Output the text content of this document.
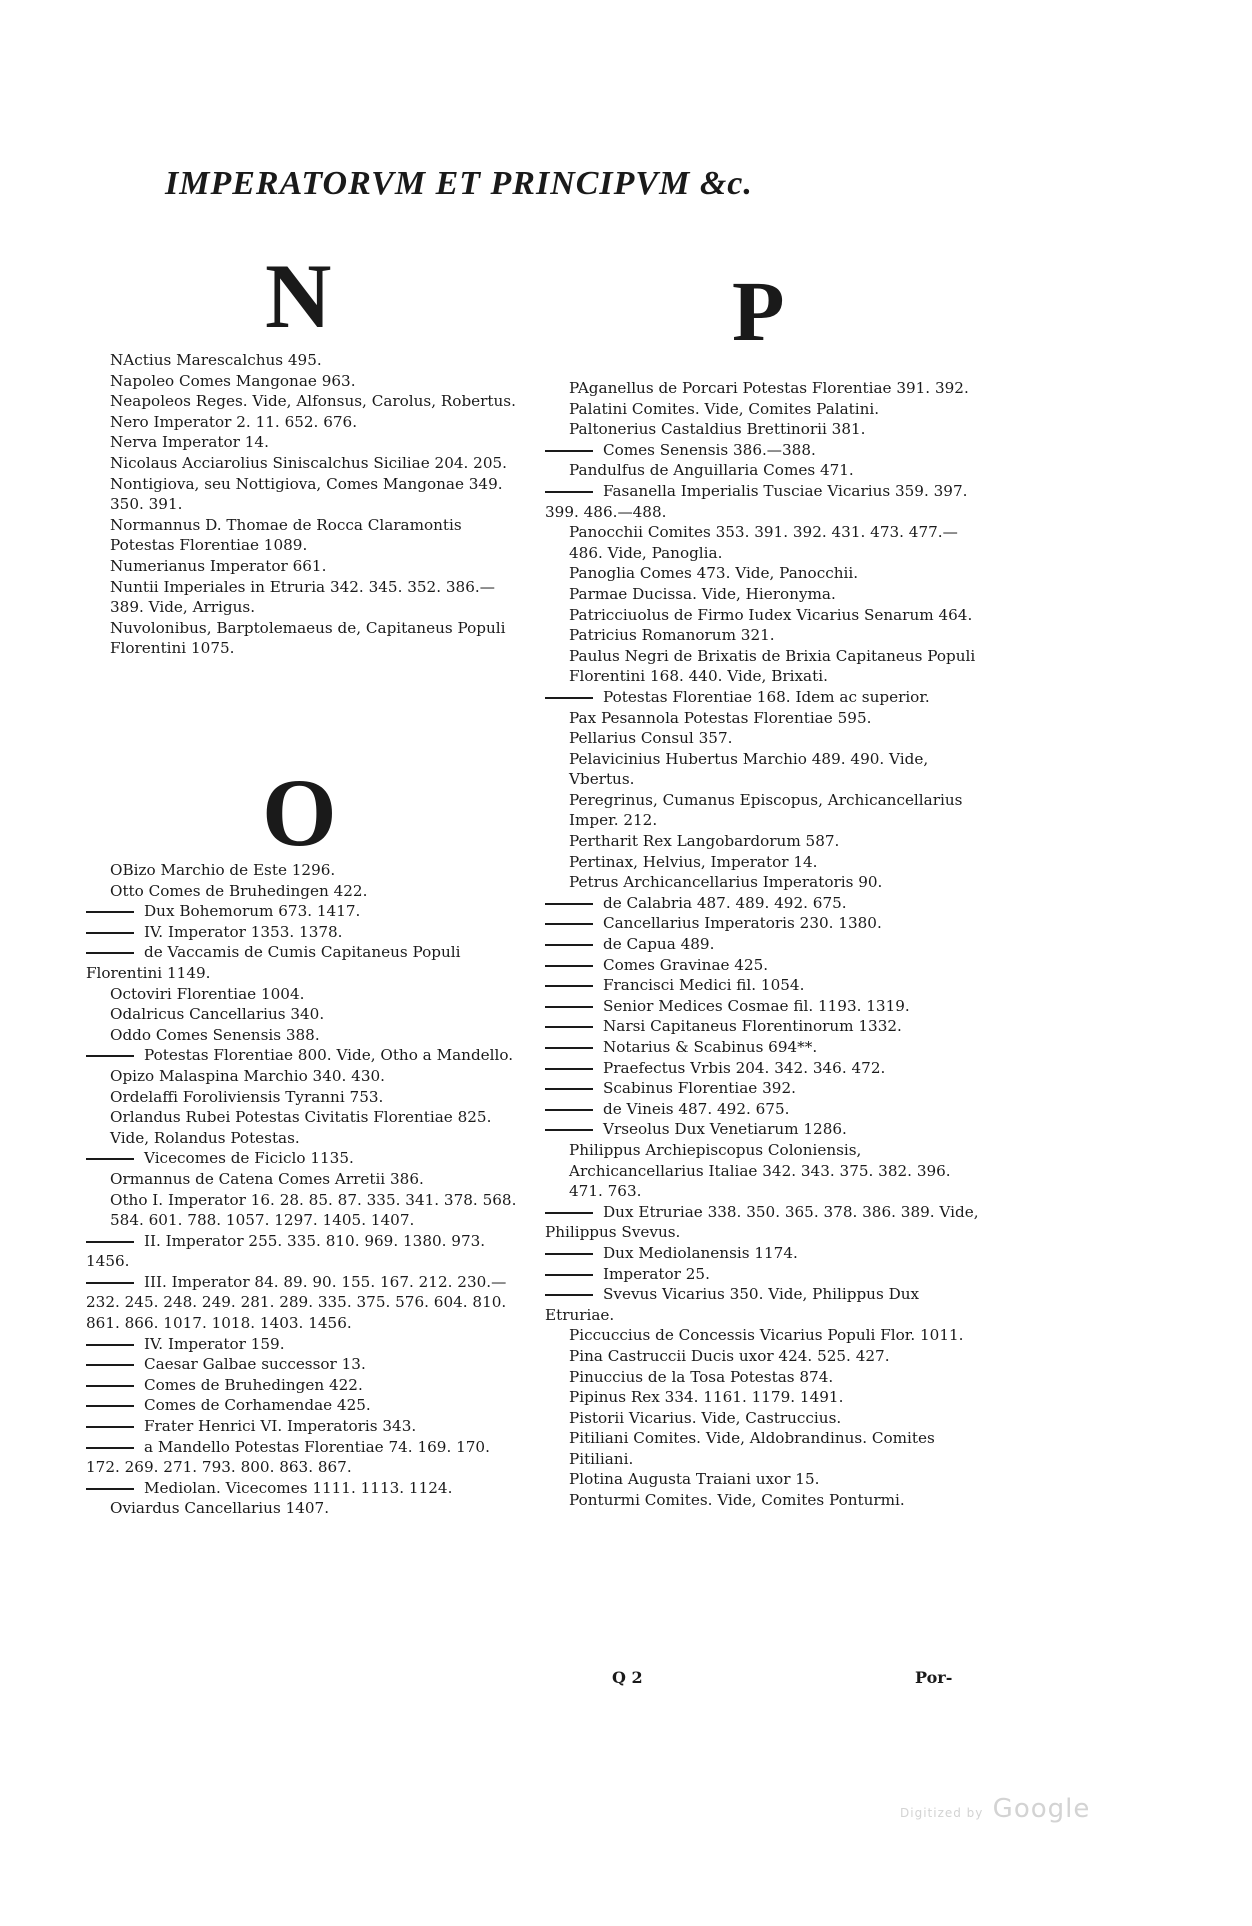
IMPERATORVM ET PRINCIPVM &c.
N	P
O
NActius Marescalchus 495.
Napoleo Comes Mangonae 963.
Neapoleos Reges. Vide, Alfonsus, Carolus, Robertus.
Nero Imperator 2. 11. 652. 676.
Nerva Imperator 14.
Nicolaus Acciarolius Siniscalchus Siciliae 204. 205.
Nontigiova, seu Nottigiova, Comes Mangonae 349. 350. 391.
Normannus D. Thomae de Rocca Claramontis Potestas Florentiae 1089.
Numerianus Imperator 661.
Nuntii Imperiales in Etruria 342. 345. 352. 386.—389. Vide, Arrigus.
Nuvolonibus, Barptolemaeus de, Capitaneus Populi Florentini 1075.
OBizo Marchio de Este 1296.
Otto Comes de Bruhedingen 422.
Dux Bohemorum 673. 1417.
IV. Imperator 1353. 1378.
de Vaccamis de Cumis Capitaneus Populi Florentini 1149.
Octoviri Florentiae 1004.
Odalricus Cancellarius 340.
Oddo Comes Senensis 388.
Potestas Florentiae 800. Vide, Otho a Mandello.
Opizo Malaspina Marchio 340. 430.
Ordelaffi Foroliviensis Tyranni 753.
Orlandus Rubei Potestas Civitatis Florentiae 825. Vide, Rolandus Potestas.
Vicecomes de Ficiclo 1135.
Ormannus de Catena Comes Arretii 386.
Otho I. Imperator 16. 28. 85. 87. 335. 341. 378. 568. 584. 601. 788. 1057. 1297. 1405. 1407.
II. Imperator 255. 335. 810. 969. 1380. 973. 1456.
III. Imperator 84. 89. 90. 155. 167. 212. 230.—232. 245. 248. 249. 281. 289. 335. 375. 576. 604. 810. 861. 866. 1017. 1018. 1403. 1456.
IV. Imperator 159.
Caesar Galbae successor 13.
Comes de Bruhedingen 422.
Comes de Corhamendae 425.
Frater Henrici VI. Imperatoris 343.
a Mandello Potestas Florentiae 74. 169. 170. 172. 269. 271. 793. 800. 863. 867.
Mediolan. Vicecomes 1111. 1113. 1124.
Oviardus Cancellarius 1407.
PAganellus de Porcari Potestas Florentiae 391. 392.
Palatini Comites. Vide, Comites Palatini.
Paltonerius Castaldius Brettinorii 381.
Comes Senensis 386.—388.
Pandulfus de Anguillaria Comes 471.
Fasanella Imperialis Tusciae Vicarius 359. 397. 399. 486.—488.
Panocchii Comites 353. 391. 392. 431. 473. 477.—486. Vide, Panoglia.
Panoglia Comes 473. Vide, Panocchii.
Parmae Ducissa. Vide, Hieronyma.
Patricciuolus de Firmo Iudex Vicarius Senarum 464.
Patricius Romanorum 321.
Paulus Negri de Brixatis de Brixia Capitaneus Populi Florentini 168. 440. Vide, Brixati.
Potestas Florentiae 168. Idem ac superior.
Pax Pesannola Potestas Florentiae 595.
Pellarius Consul 357.
Pelavicinius Hubertus Marchio 489. 490. Vide, Vbertus.
Peregrinus, Cumanus Episcopus, Archicancellarius Imper. 212.
Pertharit Rex Langobardorum 587.
Pertinax, Helvius, Imperator 14.
Petrus Archicancellarius Imperatoris 90.
de Calabria 487. 489. 492. 675.
Cancellarius Imperatoris 230. 1380.
de Capua 489.
Comes Gravinae 425.
Francisci Medici fil. 1054.
Senior Medices Cosmae fil. 1193. 1319.
Narsi Capitaneus Florentinorum 1332.
Notarius & Scabinus 694**.
Praefectus Vrbis 204. 342. 346. 472.
Scabinus Florentiae 392.
de Vineis 487. 492. 675.
Vrseolus Dux Venetiarum 1286.
Philippus Archiepiscopus Coloniensis, Archicancellarius Italiae 342. 343. 375. 382. 396. 471. 763.
Dux Etruriae 338. 350. 365. 378. 386. 389. Vide, Philippus Svevus.
Dux Mediolanensis 1174.
Imperator 25.
Svevus Vicarius 350. Vide, Philippus Dux Etruriae.
Piccuccius de Concessis Vicarius Populi Flor. 1011.
Pina Castruccii Ducis uxor 424. 525. 427.
Pinuccius de la Tosa Potestas 874.
Pipinus Rex 334. 1161. 1179. 1491.
Pistorii Vicarius. Vide, Castruccius.
Pitiliani Comites. Vide, Aldobrandinus. Comites Pitiliani.
Plotina Augusta Traiani uxor 15.
Ponturmi Comites. Vide, Comites Ponturmi.
Q 2	Por-
Digitized by Google
